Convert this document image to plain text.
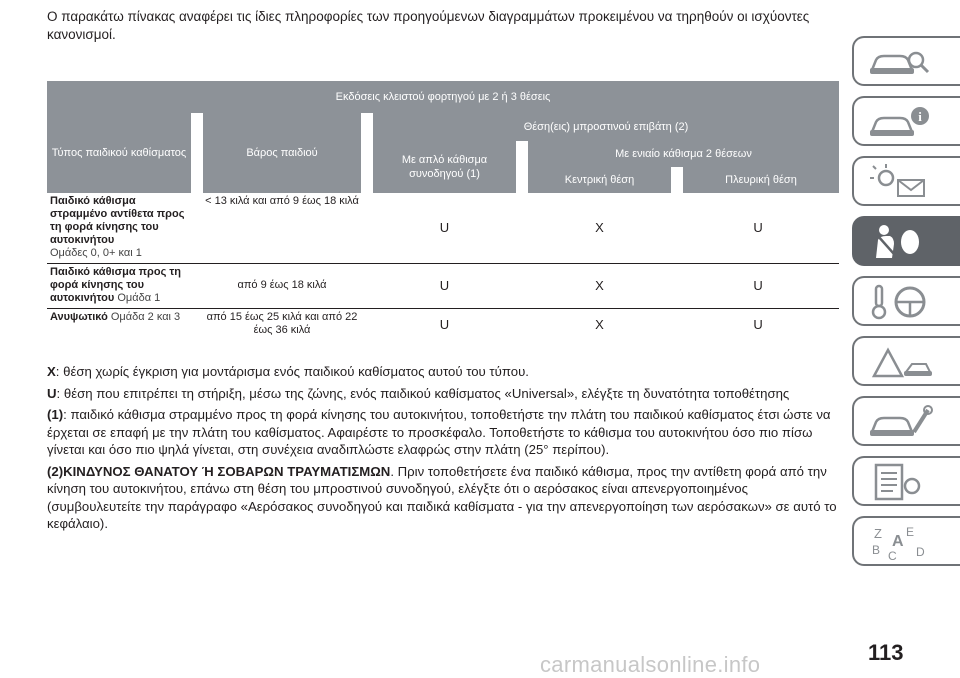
Ο παρακάτω πίνακας αναφέρει τις ίδιες πληροφορίες των προηγούμενων διαγραμμάτων προκειμένου να τηρηθούν οι ισχύοντες κανονισμοί.
Εκδόσεις κλειστού φορτηγού με 2 ή 3 θέσεις				
Τύπος παιδικού καθίσματος	Βάρος παιδιού	Θέση(εις) μπροστινού επιβάτη (2)		
		Με απλό κάθισμα συνοδηγού (1)	Με ενιαίο κάθισμα 2 θέσεων	
			Κεντρική θέση	Πλευρική θέση
Παιδικό κάθισμα στραμμένο αντίθετα προς τη φορά κίνησης του αυτοκινήτου
Ομάδες 0, 0+ και 1	< 13 κιλά και από 9 έως 18 κιλά	U	X	U
Παιδικό κάθισμα προς τη φορά κίνησης του αυτοκινήτου Ομάδα 1	από 9 έως 18 κιλά	U	X	U
Ανυψωτικό Ομάδα 2 και 3	από 15 έως 25 κιλά και από 22 έως 36 κιλά	U	X	U

X: θέση χωρίς έγκριση για μοντάρισμα ενός παιδικού καθίσματος αυτού του τύπου.

U: θέση που επιτρέπει τη στήριξη, μέσω της ζώνης, ενός παιδικού καθίσματος «Universal», ελέγξτε τη δυνατότητα τοποθέτησης

(1): παιδικό κάθισμα στραμμένο προς τη φορά κίνησης του αυτοκινήτου, τοποθετήστε την πλάτη του παιδικού καθίσματος έτσι ώστε να έρχεται σε επαφή με την πλάτη του καθίσματος. Αφαιρέστε το προσκέφαλο. Τοποθετήστε το κάθισμα του αυτοκινήτου όσο πιο πίσω γίνεται και όσο πιο ψηλά γίνεται, στη συνέχεια αναδιπλώστε ελαφρώς στην πλάτη (25° περίπου).

(2)ΚΙΝΔΥΝΟΣ ΘΑΝΑΤΟΥ Ή ΣΟΒΑΡΩΝ ΤΡΑΥΜΑΤΙΣΜΩΝ. Πριν τοποθετήσετε ένα παιδικό κάθισμα, προς την αντίθετη φορά από την κίνηση του αυτοκινήτου, επάνω στη θέση του μπροστινού συνοδηγού, ελέγξτε ότι ο αερόσακος είναι απενεργοποιημένος (συμβουλευτείτε την παράγραφο «Αερόσακος συνοδηγού και παιδικά καθίσματα - για την απενεργοποίηση των αερόσακων» σε αυτό το κεφάλαιο).

i
Z E
A
B C D
113
carmanualsonline.info
